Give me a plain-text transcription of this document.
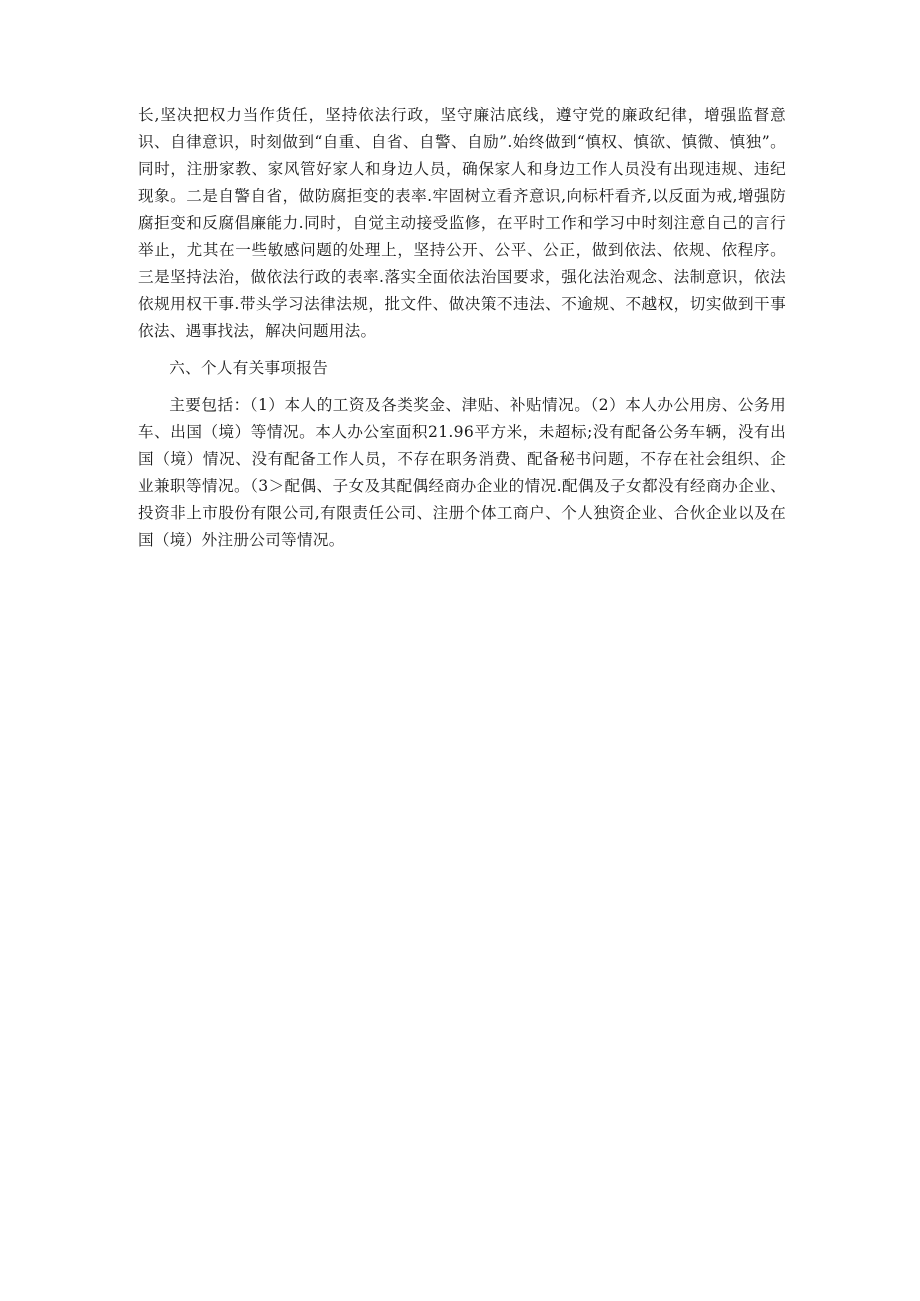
长,坚决把权力当作货任，坚持依法行政，坚守廉沽底线，遵守党的廉政纪律，增强监督意识、自律意识，时刻做到“自重、自省、自警、自励”.始终做到“慎权、慎欲、慎微、慎独”。同时，注册家教、家风管好家人和身边人员，确保家人和身边工作人员没有出现违规、违纪现象。二是自警自省，做防腐拒变的表率.牢固树立看齐意识,向标杆看齐,以反面为戒,增强防腐拒变和反腐倡廉能力.同时，自觉主动接受监修，在平时工作和学习中时刻注意自己的言行举止，尤其在一些敏感问题的处理上，坚持公开、公平、公正，做到依法、依规、依程序。三是坚持法治，做依法行政的表率.落实全面依法治国要求，强化法治观念、法制意识，依法依规用权干事.带头学习法律法规，批文件、做决策不违法、不逾规、不越权，切实做到干事依法、遇事找法，解决问题用法。

六、个人有关事项报告

主要包括：（1）本人的工资及各类奖金、津贴、补贴情况。（2）本人办公用房、公务用车、出国（境）等情况。本人办公室面积21.96平方米，未超标;没有配备公务车辆，没有出国（境）情况、没有配备工作人员，不存在职务消费、配备秘书问题，不存在社会组织、企业兼职等情况。（3＞配偶、子女及其配偶经商办企业的情况.配偶及子女都没有经商办企业、投资非上市股份有限公司,有限责任公司、注册个体工商户、个人独资企业、合伙企业以及在国（境）外注册公司等情况。
